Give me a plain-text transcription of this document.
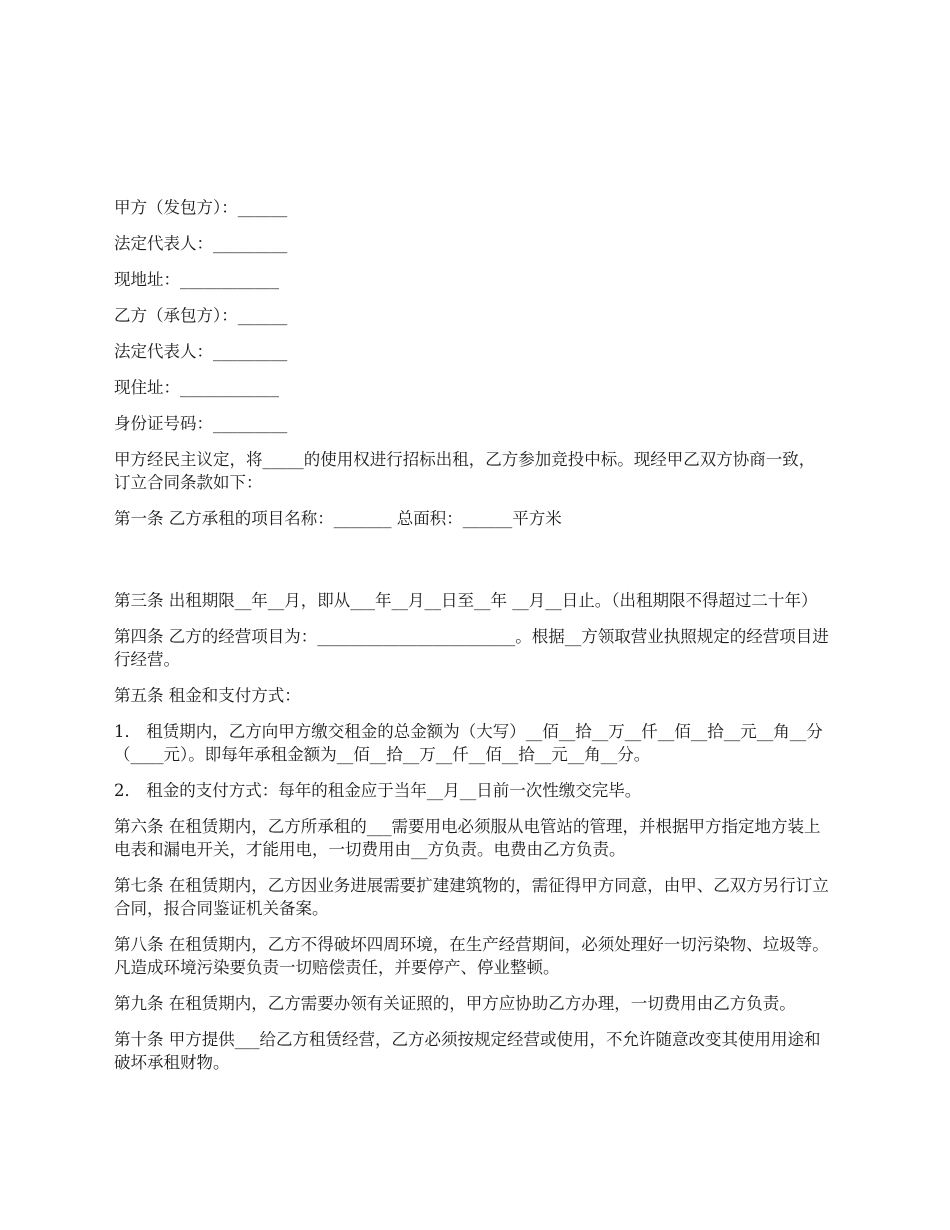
甲方（发包方）：______

法定代表人：_________

现地址：____________

乙方（承包方）：______

法定代表人：_________

现住址：____________

身份证号码：_________

甲方经民主议定，将_____的使用权进行招标出租，乙方参加竞投中标。现经甲乙双方协商一致，订立合同条款如下：

第一条 乙方承租的项目名称：_______ 总面积：______平方米

第三条 出租期限__年__月，即从___年__月__日至__年 __月__日止。（出租期限不得超过二十年）

第四条 乙方的经营项目为：________________________。根据__方领取营业执照规定的经营项目进行经营。

第五条 租金和支付方式：

1． 租赁期内，乙方向甲方缴交租金的总金额为（大写）__佰__拾__万__仟__佰__拾__元__角__分（____元）。即每年承租金额为__佰__拾__万__仟__佰__拾__元__角__分。

2． 租金的支付方式：每年的租金应于当年__月__日前一次性缴交完毕。

第六条 在租赁期内，乙方所承租的___需要用电必须服从电管站的管理，并根据甲方指定地方装上电表和漏电开关，才能用电，一切费用由__方负责。电费由乙方负责。

第七条 在租赁期内，乙方因业务进展需要扩建建筑物的，需征得甲方同意，由甲、乙双方另行订立合同，报合同鉴证机关备案。

第八条 在租赁期内，乙方不得破坏四周环境，在生产经营期间，必须处理好一切污染物、垃圾等。凡造成环境污染要负责一切赔偿责任，并要停产、停业整顿。

第九条 在租赁期内，乙方需要办领有关证照的，甲方应协助乙方办理，一切费用由乙方负责。

第十条 甲方提供___给乙方租赁经营，乙方必须按规定经营或使用，不允许随意改变其使用用途和破坏承租财物。
